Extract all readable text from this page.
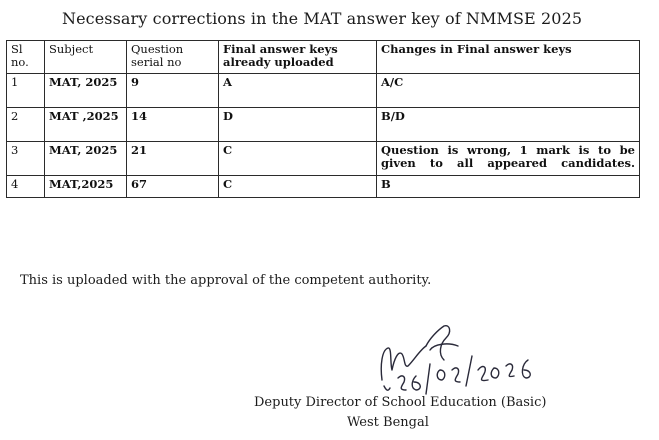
Necessary corrections in the MAT answer key of NMMSE 2025
Sl no.	Subject	Question serial no	Final answer keys already uploaded	Changes in Final answer keys
1	MAT, 2025	9	A	A/C
2	MAT ,2025	14	D	B/D
3	MAT, 2025	21	C	Question is wrong, 1 mark is to be given to all appeared candidates.

4	MAT,2025	67	C	B
This is uploaded with the approval of the competent authority.
Deputy Director of School Education (Basic)
West Bengal
